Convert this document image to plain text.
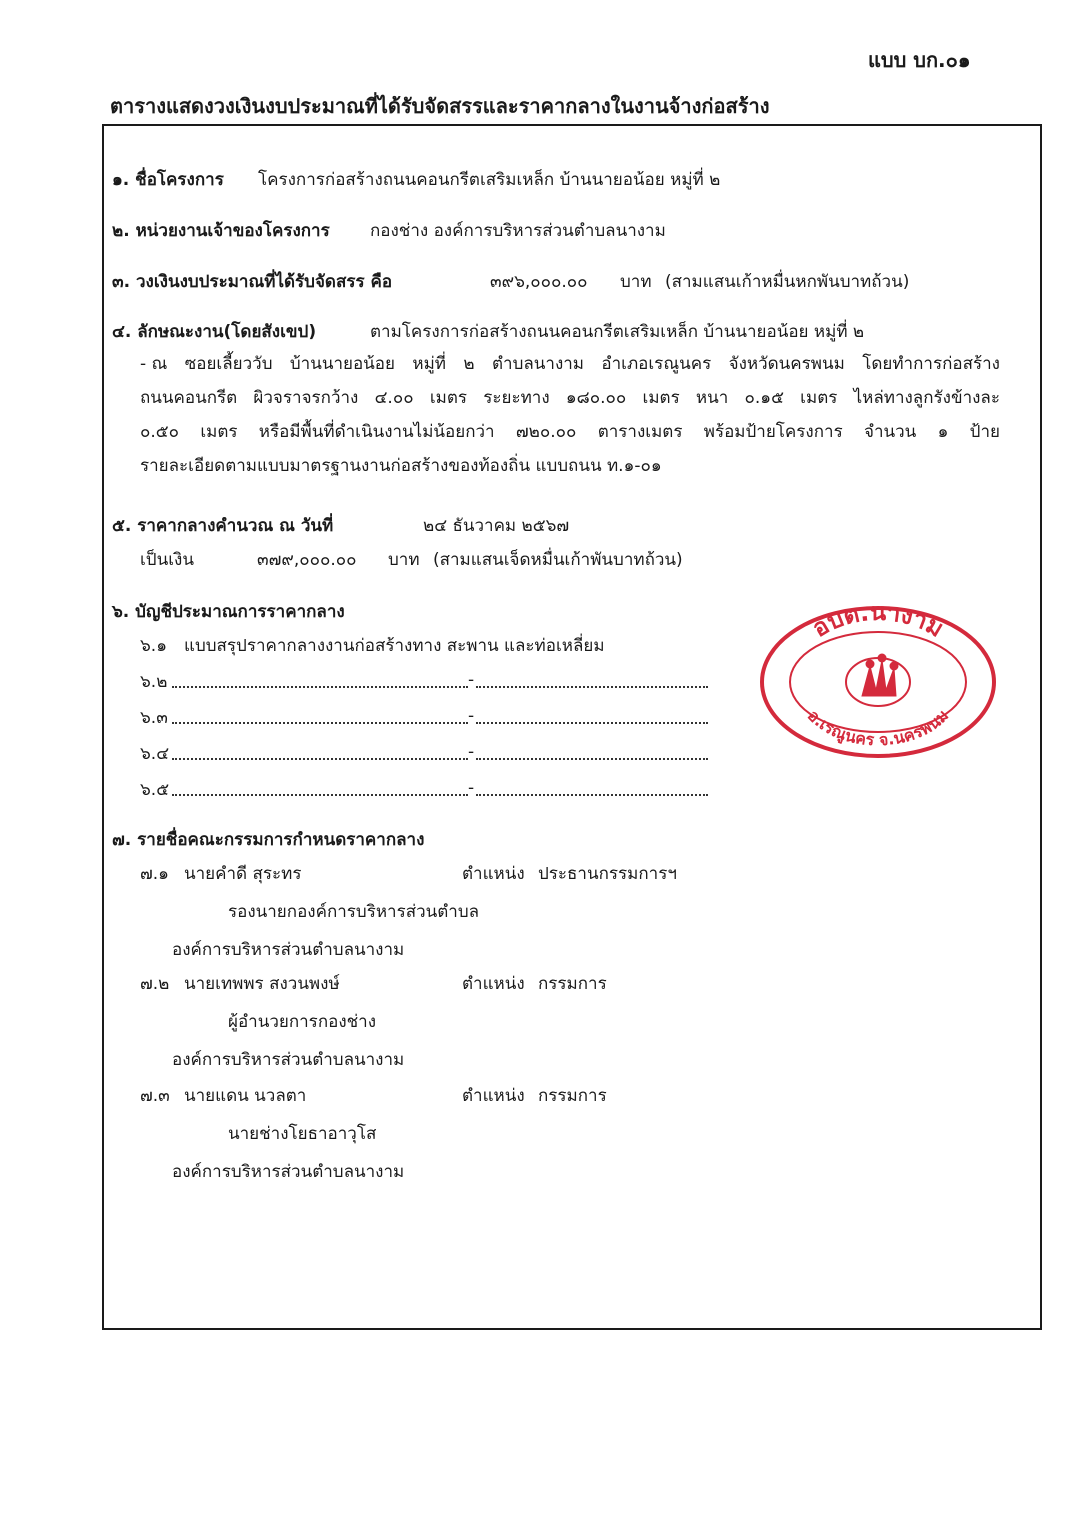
แบบ บก.๐๑
ตารางแสดงวงเงินงบประมาณที่ได้รับจัดสรรและราคากลางในงานจ้างก่อสร้าง
๑. ชื่อโครงการ โครงการก่อสร้างถนนคอนกรีตเสริมเหล็ก บ้านนายอน้อย หมู่ที่ ๒
๒. หน่วยงานเจ้าของโครงการ กองช่าง องค์การบริหารส่วนตำบลนางาม
๓. วงเงินงบประมาณที่ได้รับจัดสรร คือ	๓๙๖,๐๐๐.๐๐ บาท (สามแสนเก้าหมื่นหกพันบาทถ้วน)
๔. ลักษณะงาน(โดยสังเขป)	ตามโครงการก่อสร้างถนนคอนกรีตเสริมเหล็ก บ้านนายอน้อย หมู่ที่ ๒
- ณ ซอยเลี้ยววับ บ้านนายอน้อย หมู่ที่ ๒ ตำบลนางาม อำเภอเรณูนคร จังหวัดนครพนม โดยทำการก่อสร้าง
ถนนคอนกรีต ผิวจราจรกว้าง ๔.๐๐ เมตร ระยะทาง ๑๘๐.๐๐ เมตร หนา ๐.๑๕ เมตร ไหล่ทางลูกรังข้างละ
๐.๕๐ เมตร หรือมีพื้นที่ดำเนินงานไม่น้อยกว่า ๗๒๐.๐๐ ตารางเมตร พร้อมป้ายโครงการ จำนวน ๑ ป้าย
รายละเอียดตามแบบมาตรฐานงานก่อสร้างของท้องถิ่น แบบถนน ท.๑-๐๑
๕. ราคากลางคำนวณ ณ วันที่	๒๔ ธันวาคม ๒๕๖๗
เป็นเงิน	๓๗๙,๐๐๐.๐๐ บาท (สามแสนเจ็ดหมื่นเก้าพันบาทถ้วน)
๖. บัญชีประมาณการราคากลาง
๖.๑ แบบสรุปราคากลางงานก่อสร้างทาง สะพาน และท่อเหลี่ยม
๖.๒	-
๖.๓	-
๖.๔	-
๖.๕	-
๗. รายชื่อคณะกรรมการกำหนดราคากลาง
๗.๑ นายคำดี สุระทร	ตำแหน่ง ประธานกรรมการฯ
รองนายกองค์การบริหารส่วนตำบล
องค์การบริหารส่วนตำบลนางาม
๗.๒ นายเทพพร สงวนพงษ์	ตำแหน่ง กรรมการ
ผู้อำนวยการกองช่าง
องค์การบริหารส่วนตำบลนางาม
๗.๓ นายแดน นวลตา	ตำแหน่ง กรรมการ
นายช่างโยธาอาวุโส
องค์การบริหารส่วนตำบลนางาม
อบต.นางาม
อ.เรณูนคร จ.นครพนม
